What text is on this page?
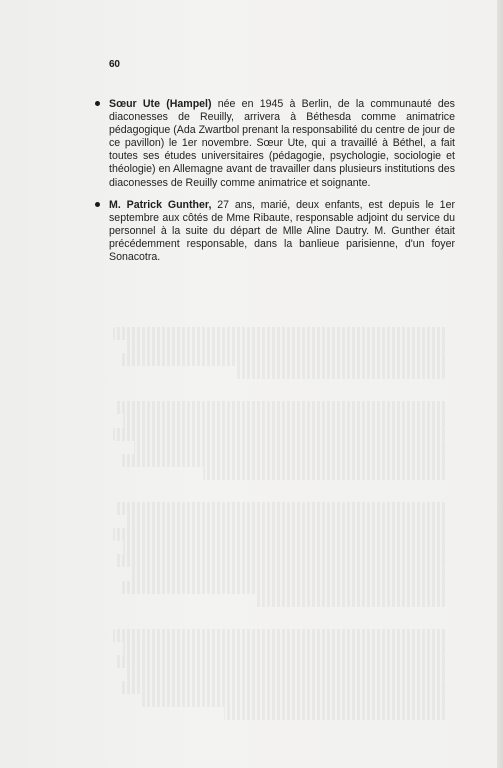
60
Sœur Ute (Hampel) née en 1945 à Berlin, de la communauté des diaconesses de Reuilly, arrivera à Béthesda comme animatrice pédagogique (Ada Zwartbol prenant la responsabilité du centre de jour de ce pavillon) le 1er novembre. Sœur Ute, qui a travaillé à Béthel, a fait toutes ses études universitaires (pédagogie, psychologie, sociologie et théologie) en Allemagne avant de travailler dans plusieurs institutions des diaconesses de Reuilly comme animatrice et soignante.
M. Patrick Gunther, 27 ans, marié, deux enfants, est depuis le 1er septembre aux côtés de Mme Ribaute, responsable adjoint du service du personnel à la suite du départ de Mlle Aline Dautry. M. Gunther était précédemment responsable, dans la banlieue parisienne, d'un foyer Sonacotra.
